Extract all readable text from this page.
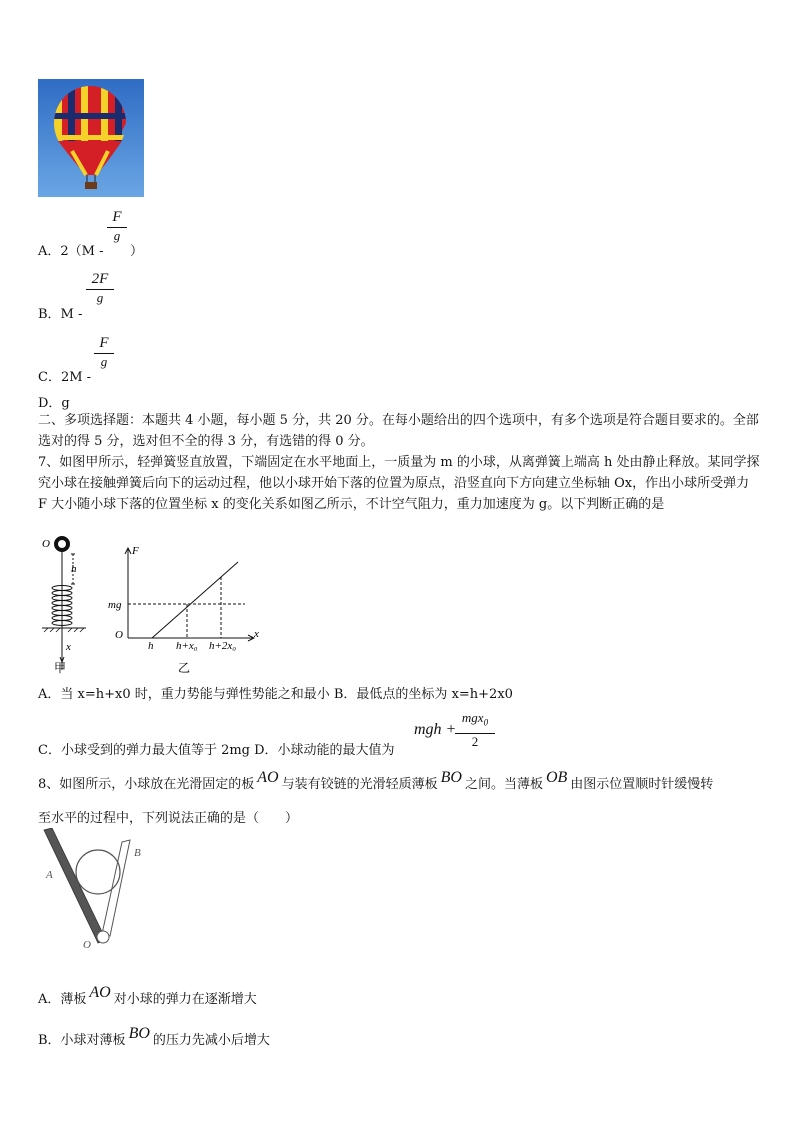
A．2（M -
F
g
）
B．M -
2F
g
C．2M -
F
g
D．g
二、多项选择题：本题共 4 小题，每小题 5 分，共 20 分。在每小题给出的四个选项中，有多个选项是符合题目要求的。全部选对的得 5 分，选对但不全的得 3 分，有选错的得 0 分。
7、如图甲所示，轻弹簧竖直放置，下端固定在水平地面上，一质量为 m 的小球，从离弹簧上端高 h 处由静止释放。某同学探究小球在接触弹簧后向下的运动过程，他以小球开始下落的位置为原点，沿竖直向下方向建立坐标轴 Ox，作出小球所受弹力 F 大小随小球下落的位置坐标 x 的变化关系如图乙所示，不计空气阻力，重力加速度为 g。以下判断正确的是
O
h
x
甲
F
mg
O	x
h h+x₀ h+2x₀
乙
A．当 x=h+x0 时，重力势能与弹性势能之和最小 B．最低点的坐标为 x=h+2x0
C．小球受到的弹力最大值等于 2mg D．小球动能的最大值为
mgh +
mgx$_0$
2
8、如图所示，小球放在光滑固定的板 AO 与装有铰链的光滑轻质薄板 BO 之间。当薄板 OB 由图示位置顺时针缓慢转
至水平的过程中，下列说法正确的是（　　）
A
B
O
A．薄板 AO 对小球的弹力在逐渐增大
B．小球对薄板 BO 的压力先减小后增大
